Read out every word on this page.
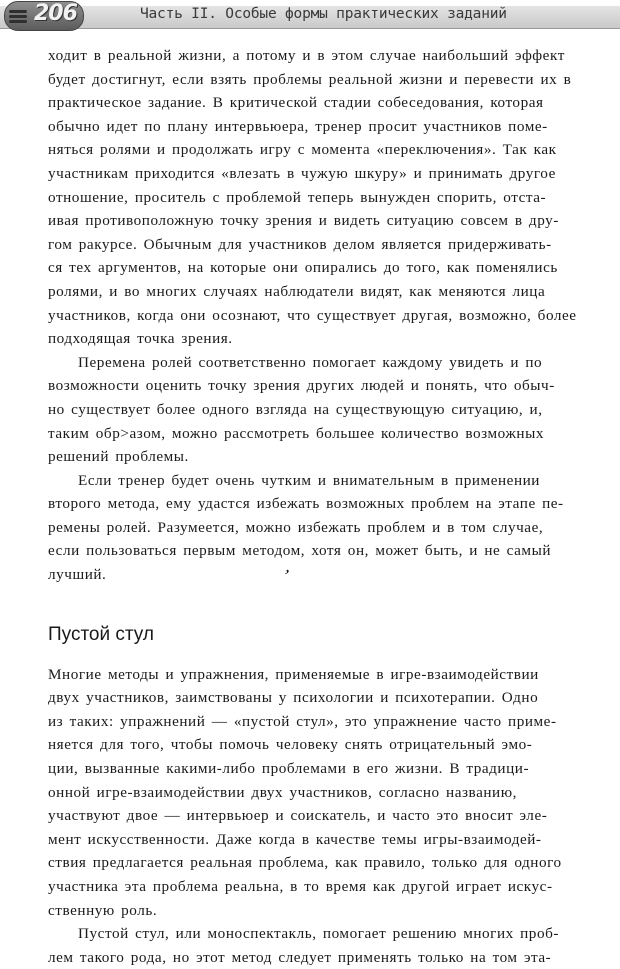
206	Часть II. Особые формы практических заданий
ходит в реальной жизни, а потому и в этом случае наибольший эффект
будет достигнут, если взять проблемы реальной жизни и перевести их в
практическое задание. В критической стадии собеседования, которая
обычно идет по плану интервьюера, тренер просит участников поме-
няться ролями и продолжать игру с момента «переключения». Так как
участникам приходится «влезать в чужую шкуру» и принимать другое
отношение, проситель с проблемой теперь вынужден спорить, отста-
ивая противоположную точку зрения и видеть ситуацию совсем в дру-
гом ракурсе. Обычным для участников делом является придерживать-
ся тех аргументов, на которые они опирались до того, как поменялись
ролями, и во многих случаях наблюдатели видят, как меняются лица
участников, когда они осознают, что существует другая, возможно, более
подходящая точка зрения.
Перемена ролей соответственно помогает каждому увидеть и по
возможности оценить точку зрения других людей и понять, что обыч-
но существует более одного взгляда на существующую ситуацию, и,
таким обр>азом, можно рассмотреть большее количество возможных
решений проблемы.
Если тренер будет очень чутким и внимательным в применении
второго метода, ему удастся избежать возможных проблем на этапе пе-
ремены ролей. Разумеется, можно избежать проблем и в том случае,
если пользоваться первым методом, хотя он, может быть, и не самый
лучший.
Пустой стул
Многие методы и упражнения, применяемые в игре-взаимодействии
двух участников, заимствованы у психологии и психотерапии. Одно
из таких: упражнений — «пустой стул», это упражнение часто приме-
няется для того, чтобы помочь человеку снять отрицательный эмо-
ции, вызванные какими-либо проблемами в его жизни. В традици-
онной игре-взаимодействии двух участников, согласно названию,
участвуют двое — интервьюер и соискатель, и часто это вносит эле-
мент искусственности. Даже когда в качестве темы игры-взаимодей-
ствия предлагается реальная проблема, как правило, только для одного
участника эта проблема реальна, в то время как другой играет искус-
ственную роль.
Пустой стул, или моноспектакль, помогает решению многих проб-
лем такого рода, но этот метод следует применять только на том эта-
,
